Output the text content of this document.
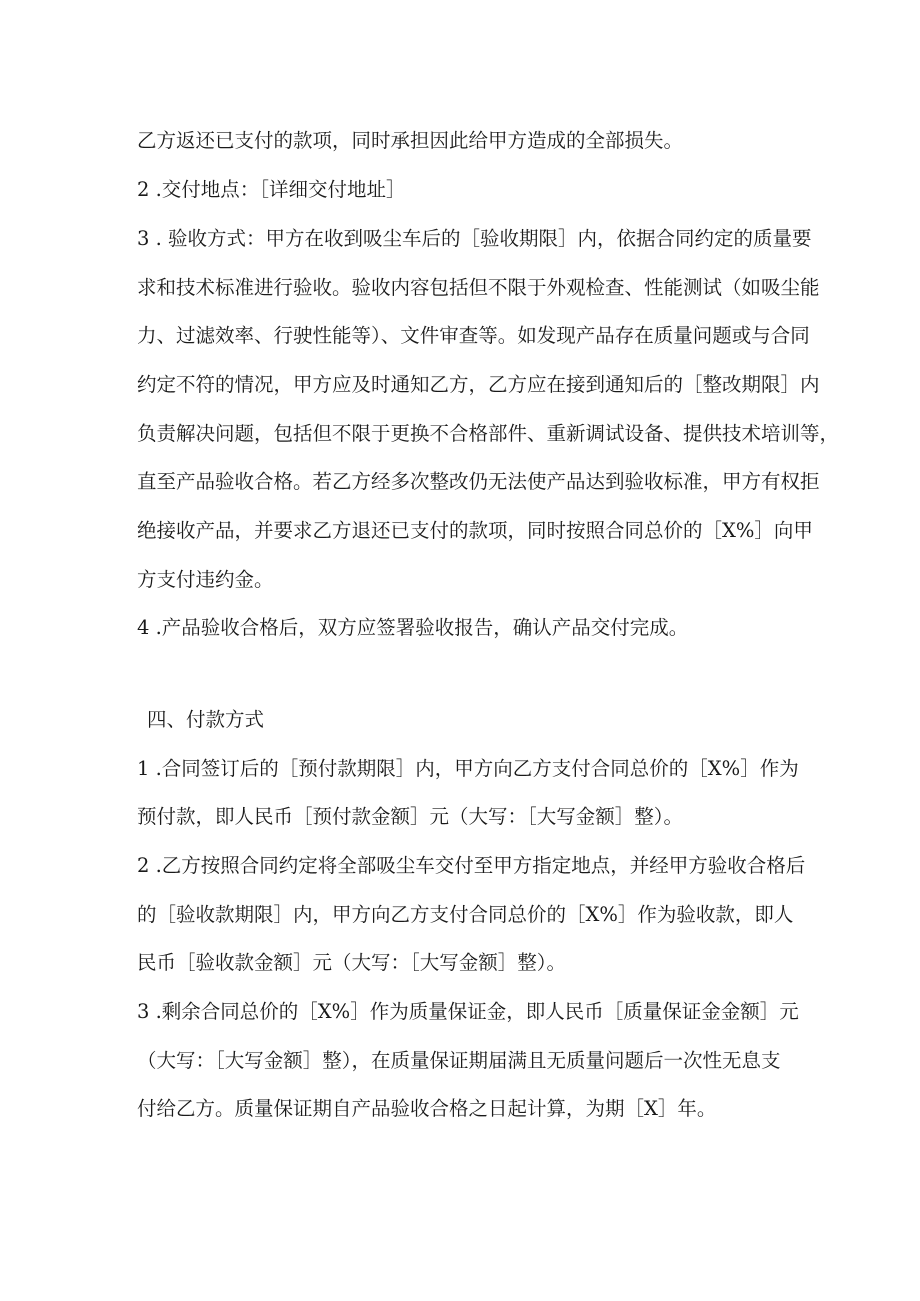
乙方返还已支付的款项，同时承担因此给甲方造成的全部损失。
2 .交付地点：［详细交付地址］
3 . 验收方式：甲方在收到吸尘车后的［验收期限］内，依据合同约定的质量要
求和技术标准进行验收。验收内容包括但不限于外观检查、性能测试（如吸尘能
力、过滤效率、行驶性能等）、文件审查等。如发现产品存在质量问题或与合同
约定不符的情况，甲方应及时通知乙方，乙方应在接到通知后的［整改期限］内
负责解决问题，包括但不限于更换不合格部件、重新调试设备、提供技术培训等，
直至产品验收合格。若乙方经多次整改仍无法使产品达到验收标准，甲方有权拒
绝接收产品，并要求乙方退还已支付的款项，同时按照合同总价的［X%］向甲
方支付违约金。
4 .产品验收合格后，双方应签署验收报告，确认产品交付完成。
四、付款方式
1 .合同签订后的［预付款期限］内，甲方向乙方支付合同总价的［X%］作为
预付款，即人民币［预付款金额］元（大写：［大写金额］整）。
2 .乙方按照合同约定将全部吸尘车交付至甲方指定地点，并经甲方验收合格后
的［验收款期限］内，甲方向乙方支付合同总价的［X%］作为验收款，即人
民币［验收款金额］元（大写：［大写金额］整）。
3 .剩余合同总价的［X%］作为质量保证金，即人民币［质量保证金金额］元
（大写：［大写金额］整），在质量保证期届满且无质量问题后一次性无息支
付给乙方。质量保证期自产品验收合格之日起计算，为期［X］年。
